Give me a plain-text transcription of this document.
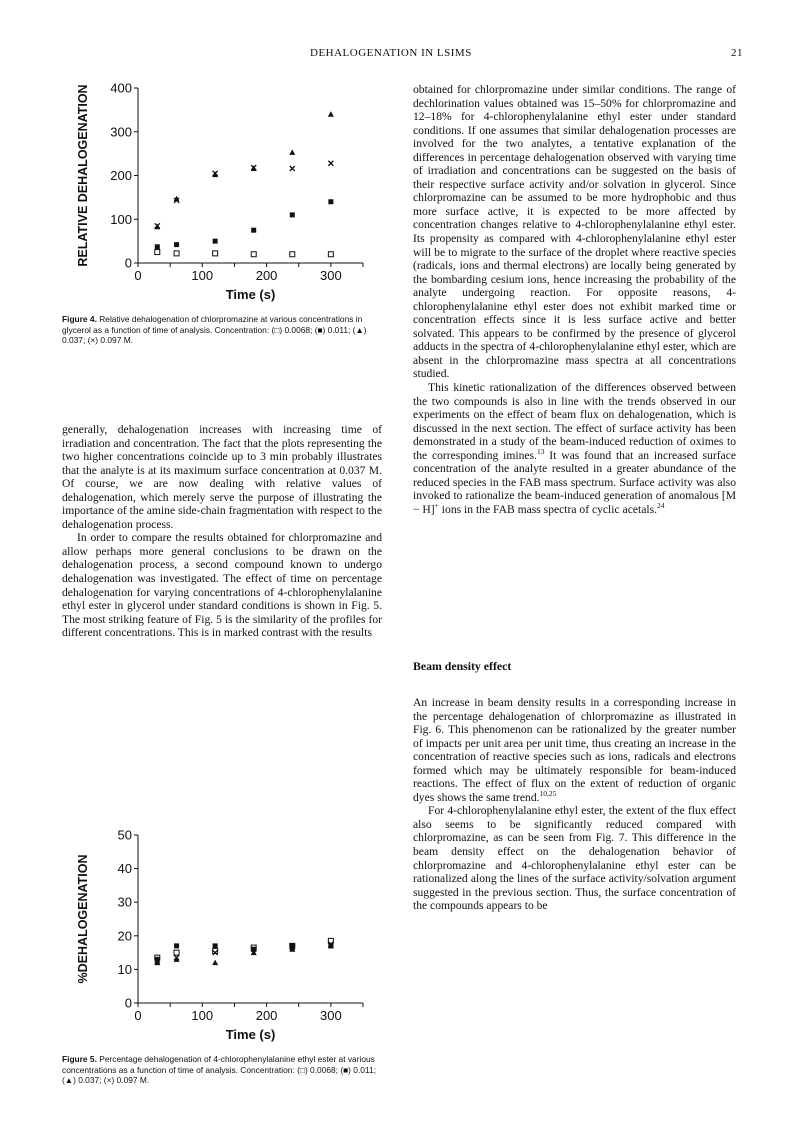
DEHALOGENATION IN LSIMS	21
0	100	200	300
0
100
200
300
400
Time (s)
RELATIVE DEHALOGENATION
Figure 4. Relative dehalogenation of chlorpromazine at various concentrations in glycerol as a function of time of analysis. Concentration: (□) 0.0068; (■) 0.011; (▲) 0.037; (×) 0.097 M.

obtained for chlorpromazine under similar conditions. The range of dechlorination values obtained was 15–50% for chlorpromazine and 12–18% for 4-chlorophenylalanine ethyl ester under standard conditions. If one assumes that similar dehalogenation processes are involved for the two analytes, a tentative explanation of the differences in percentage dehalogenation observed with varying time of irradiation and concentrations can be suggested on the basis of their respective surface activity and/or solvation in glycerol. Since chlorpromazine can be assumed to be more hydrophobic and thus more surface active, it is expected to be more affected by concentration changes relative to 4-chlorophenylalanine ethyl ester. Its propensity as compared with 4-chlorophenylalanine ethyl ester will be to migrate to the surface of the droplet where reactive species (radicals, ions and thermal electrons) are locally being generated by the bombarding cesium ions, hence increasing the probability of the analyte undergoing reaction. For opposite reasons, 4-chlorophenylalanine ethyl ester does not exhibit marked time or concentration effects since it is less surface active and better solvated. This appears to be confirmed by the presence of glycerol adducts in the spectra of 4-chlorophenylalanine ethyl ester, which are absent in the chlorpromazine mass spectra at all concentrations studied.

This kinetic rationalization of the differences observed between the two compounds is also in line with the trends observed in our experiments on the effect of beam flux on dehalogenation, which is discussed in the next section. The effect of surface activity has been demonstrated in a study of the beam-induced reduction of oximes to the corresponding imines.$^{13}$ It was found that an increased surface concentration of the analyte resulted in a greater abundance of the reduced species in the FAB mass spectrum. Surface activity was also invoked to rationalize the beam-induced generation of anomalous [M − H]+ ions in the FAB mass spectra of cyclic acetals.$^{24}$

generally, dehalogenation increases with increasing time of irradiation and concentration. The fact that the plots representing the two higher concentrations coincide up to 3 min probably illustrates that the analyte is at its maximum surface concentration at 0.037 M. Of course, we are now dealing with relative values of dehalogenation, which merely serve the purpose of illustrating the importance of the amine side-chain fragmentation with respect to the dehalogenation process.

In order to compare the results obtained for chlorpromazine and allow perhaps more general conclusions to be drawn on the dehalogenation process, a second compound known to undergo dehalogenation was investigated. The effect of time on percentage dehalogenation for varying concentrations of 4-chlorophenylalanine ethyl ester in glycerol under standard conditions is shown in Fig. 5. The most striking feature of Fig. 5 is the similarity of the profiles for different concentrations. This is in marked contrast with the results

Beam density effect

An increase in beam density results in a corresponding increase in the percentage dehalogenation of chlorpromazine as illustrated in Fig. 6. This phenomenon can be rationalized by the greater number of impacts per unit area per unit time, thus creating an increase in the concentration of reactive species such as ions, radicals and electrons formed which may be ultimately responsible for beam-induced reactions. The effect of flux on the extent of reduction of organic dyes shows the same trend.$^{10,25}$

For 4-chlorophenylalanine ethyl ester, the extent of the flux effect also seems to be significantly reduced compared with chlorpromazine, as can be seen from Fig. 7. This difference in the beam density effect on the dehalogenation behavior of chlorpromazine and 4-chlorophenylalanine ethyl ester can be rationalized along the lines of the surface activity/solvation argument suggested in the previous section. Thus, the surface concentration of the compounds appears to be

0	100	200	300
0
10
20
30
40
50
Time (s)
%DEHALOGENATION
Figure 5. Percentage dehalogenation of 4-chlorophenylalanine ethyl ester at various concentrations as a function of time of analysis. Concentration: (□) 0.0068; (■) 0.011; (▲) 0.037; (×) 0.097 M.
